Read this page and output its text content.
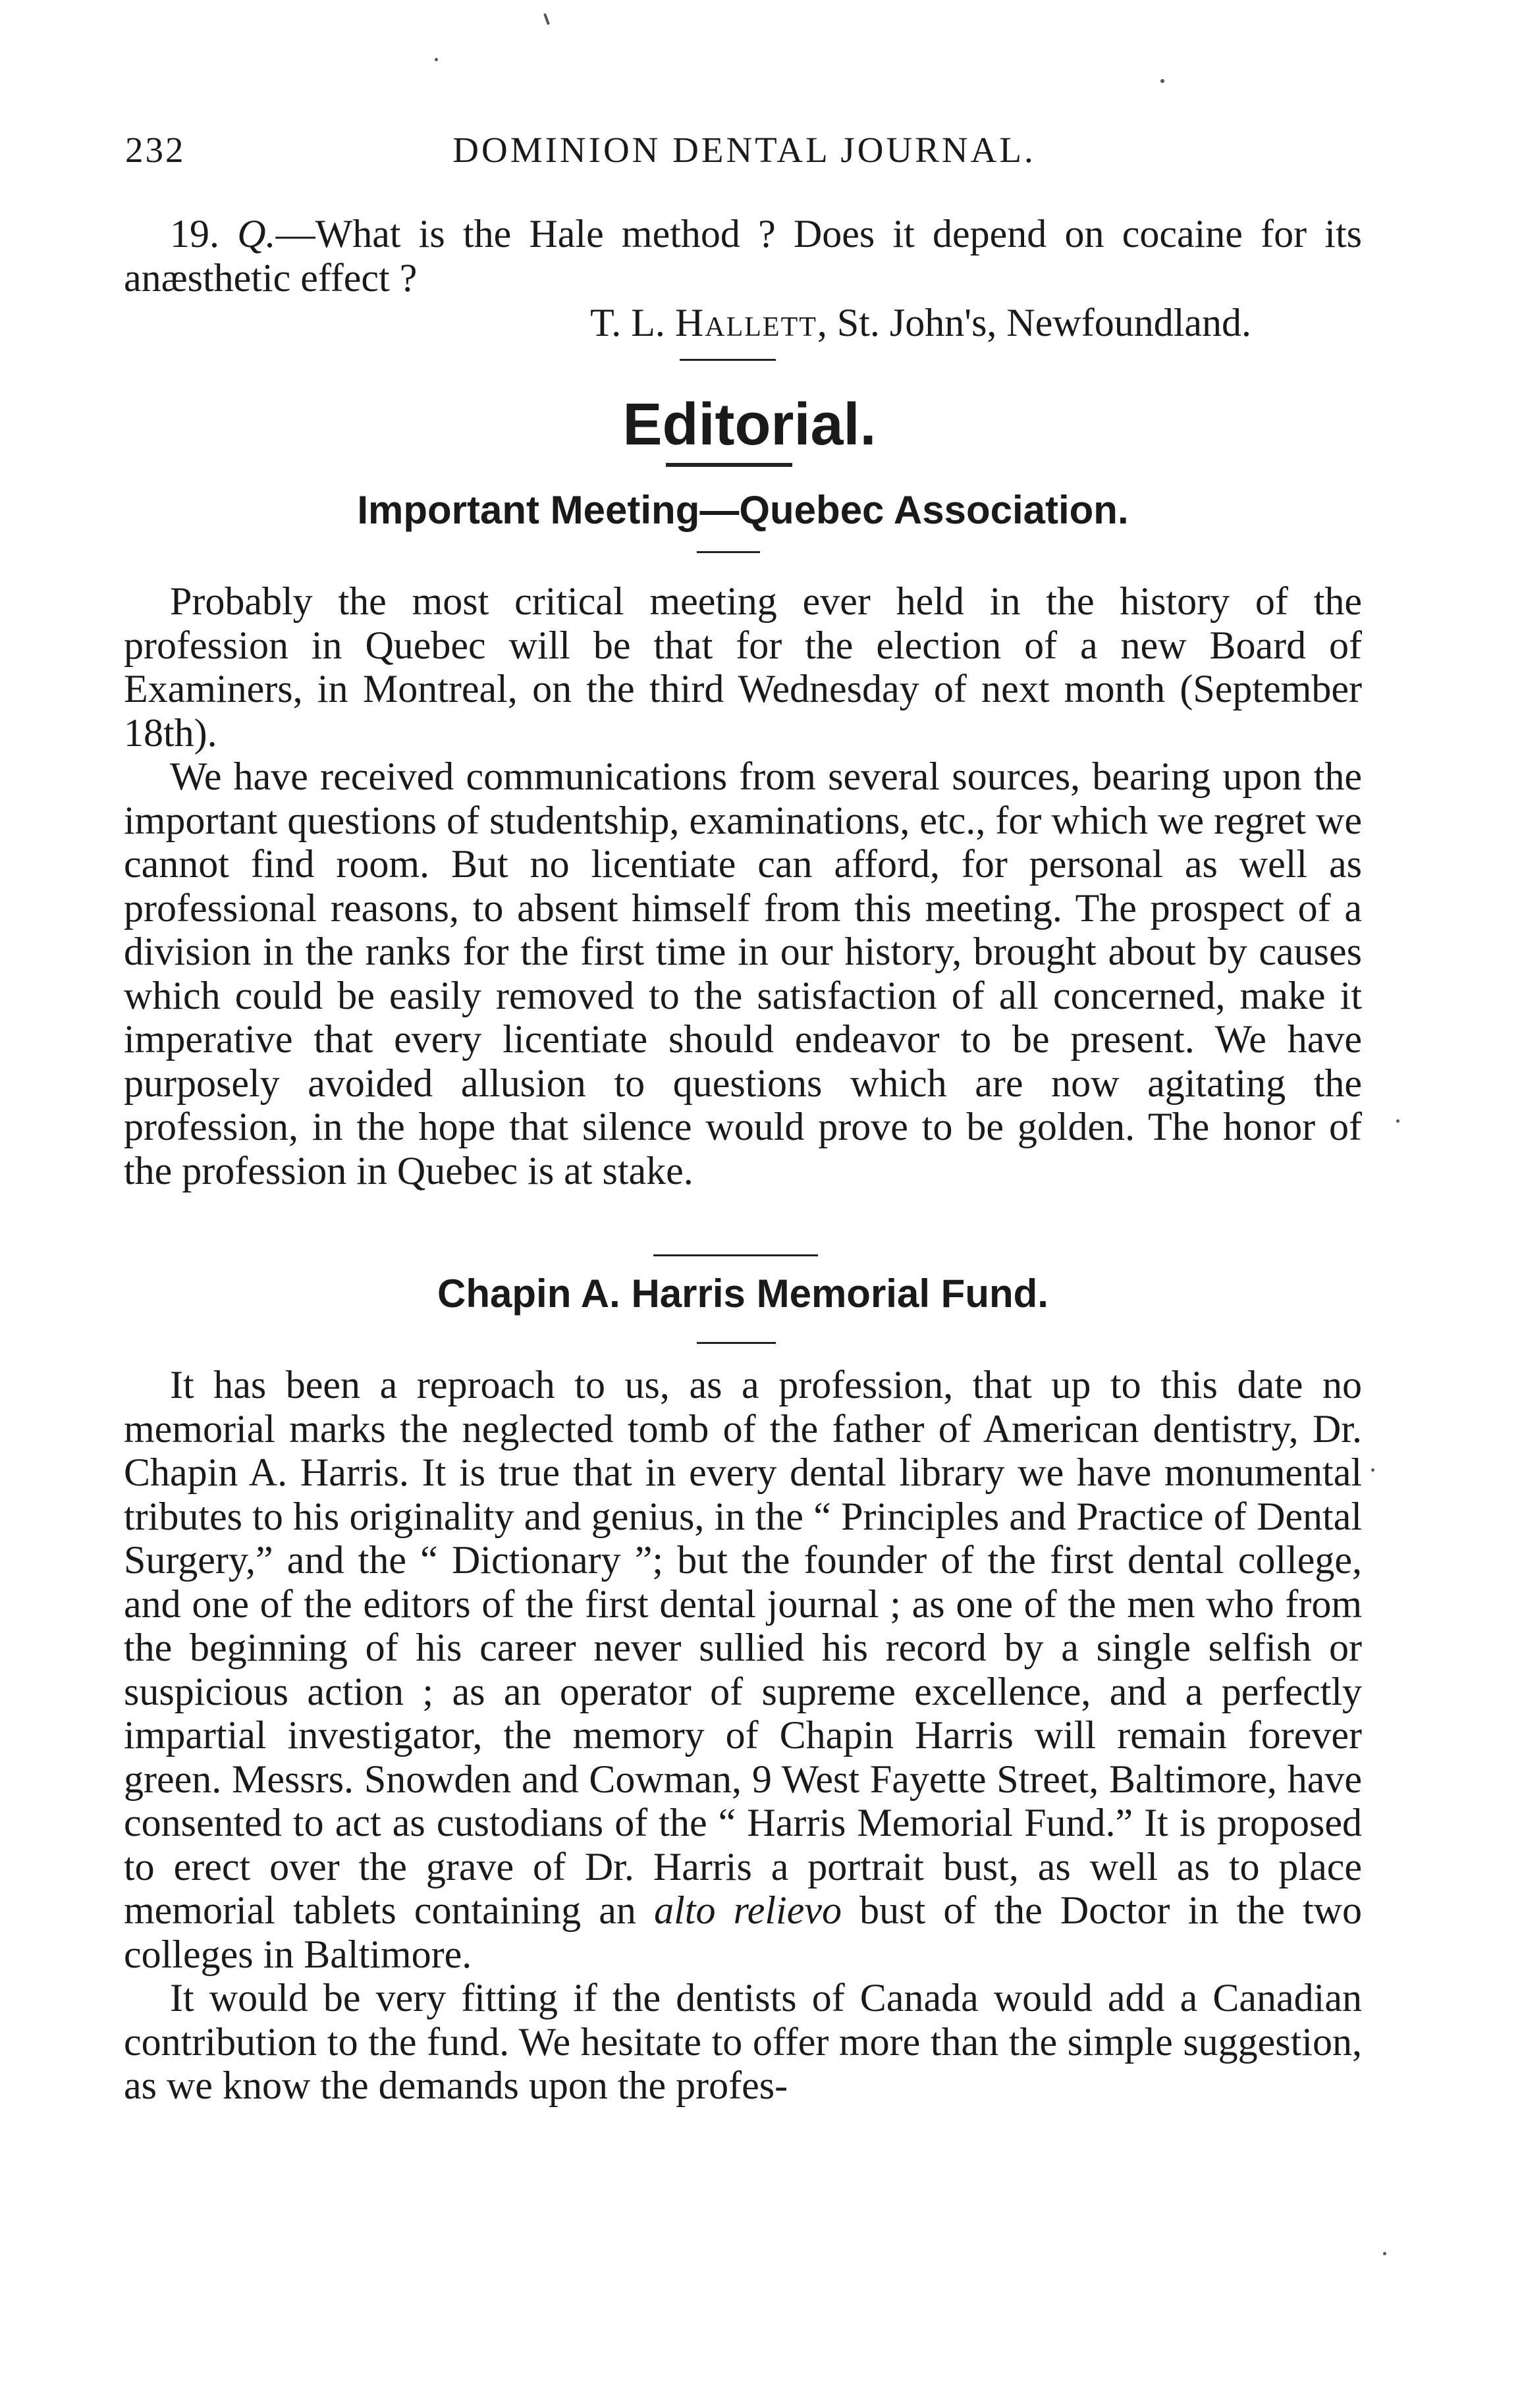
232	DOMINION DENTAL JOURNAL.

19. Q.—What is the Hale method ? Does it depend on cocaine for its anæsthetic effect ?

T. L. Hallett, St. John's, Newfoundland.
Editorial.
Important Meeting—Quebec Association.

Probably the most critical meeting ever held in the history of the profession in Quebec will be that for the election of a new Board of Examiners, in Montreal, on the third Wednesday of next month (September 18th).

We have received communications from several sources, bearing upon the important questions of studentship, examinations, etc., for which we regret we cannot find room. But no licentiate can afford, for personal as well as professional reasons, to absent himself from this meeting. The prospect of a division in the ranks for the first time in our history, brought about by causes which could be easily removed to the satisfaction of all concerned, make it imperative that every licentiate should endeavor to be present. We have purposely avoided allusion to questions which are now agitating the profession, in the hope that silence would prove to be golden. The honor of the profession in Quebec is at stake.

Chapin A. Harris Memorial Fund.

It has been a reproach to us, as a profession, that up to this date no memorial marks the neglected tomb of the father of American dentistry, Dr. Chapin A. Harris. It is true that in every dental library we have monumental tributes to his originality and genius, in the “ Principles and Practice of Dental Surgery,” and the “ Dictionary ”; but the founder of the first dental college, and one of the editors of the first dental journal ; as one of the men who from the beginning of his career never sullied his record by a single selfish or suspicious action ; as an operator of supreme excellence, and a perfectly impartial investigator, the memory of Chapin Harris will remain forever green. Messrs. Snowden and Cowman, 9 West Fayette Street, Baltimore, have consented to act as custodians of the “ Harris Memorial Fund.” It is proposed to erect over the grave of Dr. Harris a portrait bust, as well as to place memorial tablets containing an alto relievo bust of the Doctor in the two colleges in Baltimore.

It would be very fitting if the dentists of Canada would add a Canadian contribution to the fund. We hesitate to offer more than the simple suggestion, as we know the demands upon the profes-
